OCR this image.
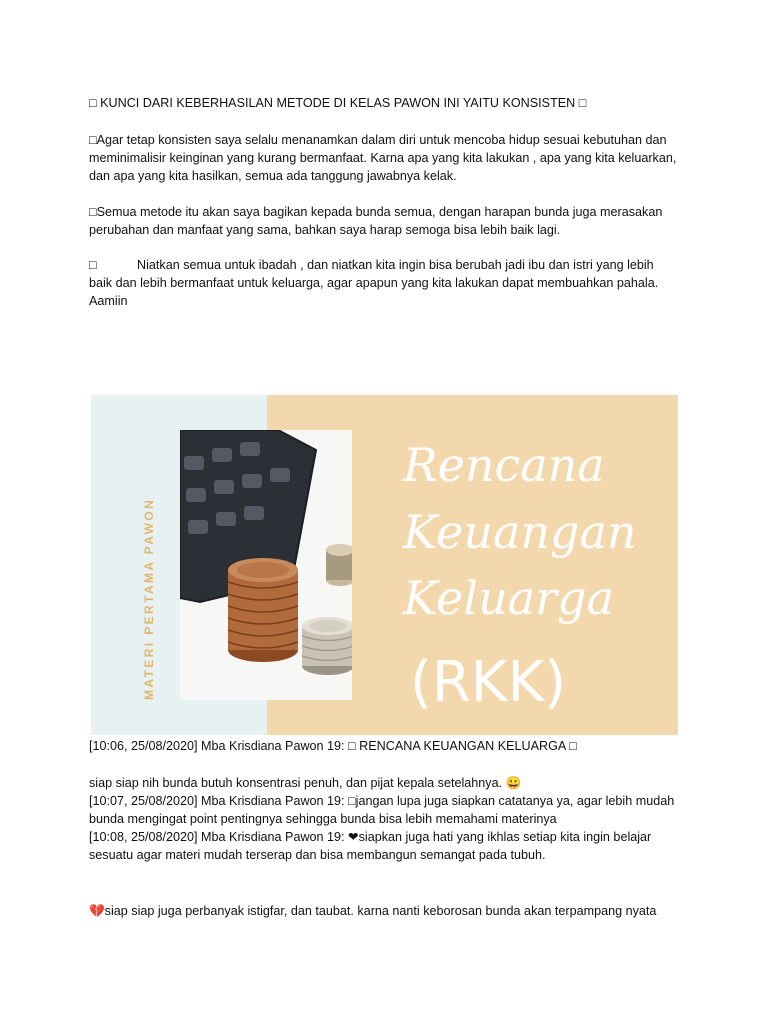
□ KUNCI DARI KEBERHASILAN METODE DI KELAS PAWON INI YAITU KONSISTEN □

□Agar tetap konsisten saya selalu menanamkan dalam diri untuk mencoba hidup sesuai kebutuhan dan

meminimalisir keinginan yang kurang bermanfaat. Karna apa yang kita lakukan , apa yang kita keluarkan,

dan apa yang kita hasilkan, semua ada tanggung jawabnya kelak.

□Semua metode itu akan saya bagikan kepada bunda semua, dengan harapan bunda juga merasakan

perubahan dan manfaat yang sama, bahkan saya harap semoga bisa lebih baik lagi.

□	Niatkan semua untuk ibadah , dan niatkan kita ingin bisa berubah jadi ibu dan istri yang lebih

baik dan lebih bermanfaat untuk keluarga, agar apapun yang kita lakukan dapat membuahkan pahala.

Aamiin

Rencana
Keuangan
Keluarga
(RKK)
MATERI PERTAMA PAWON

[10:06, 25/08/2020] Mba Krisdiana Pawon 19: □ RENCANA KEUANGAN KELUARGA □

siap siap nih bunda butuh konsentrasi penuh, dan pijat kepala setelahnya. 😀

[10:07, 25/08/2020] Mba Krisdiana Pawon 19: □jangan lupa juga siapkan catatanya ya, agar lebih mudah

bunda mengingat point pentingnya sehingga bunda bisa lebih memahami materinya

[10:08, 25/08/2020] Mba Krisdiana Pawon 19: ❤siapkan juga hati yang ikhlas setiap kita ingin belajar

sesuatu agar materi mudah terserap dan bisa membangun semangat pada tubuh.

💔siap siap juga perbanyak istigfar, dan taubat. karna nanti keborosan bunda akan terpampang nyata
